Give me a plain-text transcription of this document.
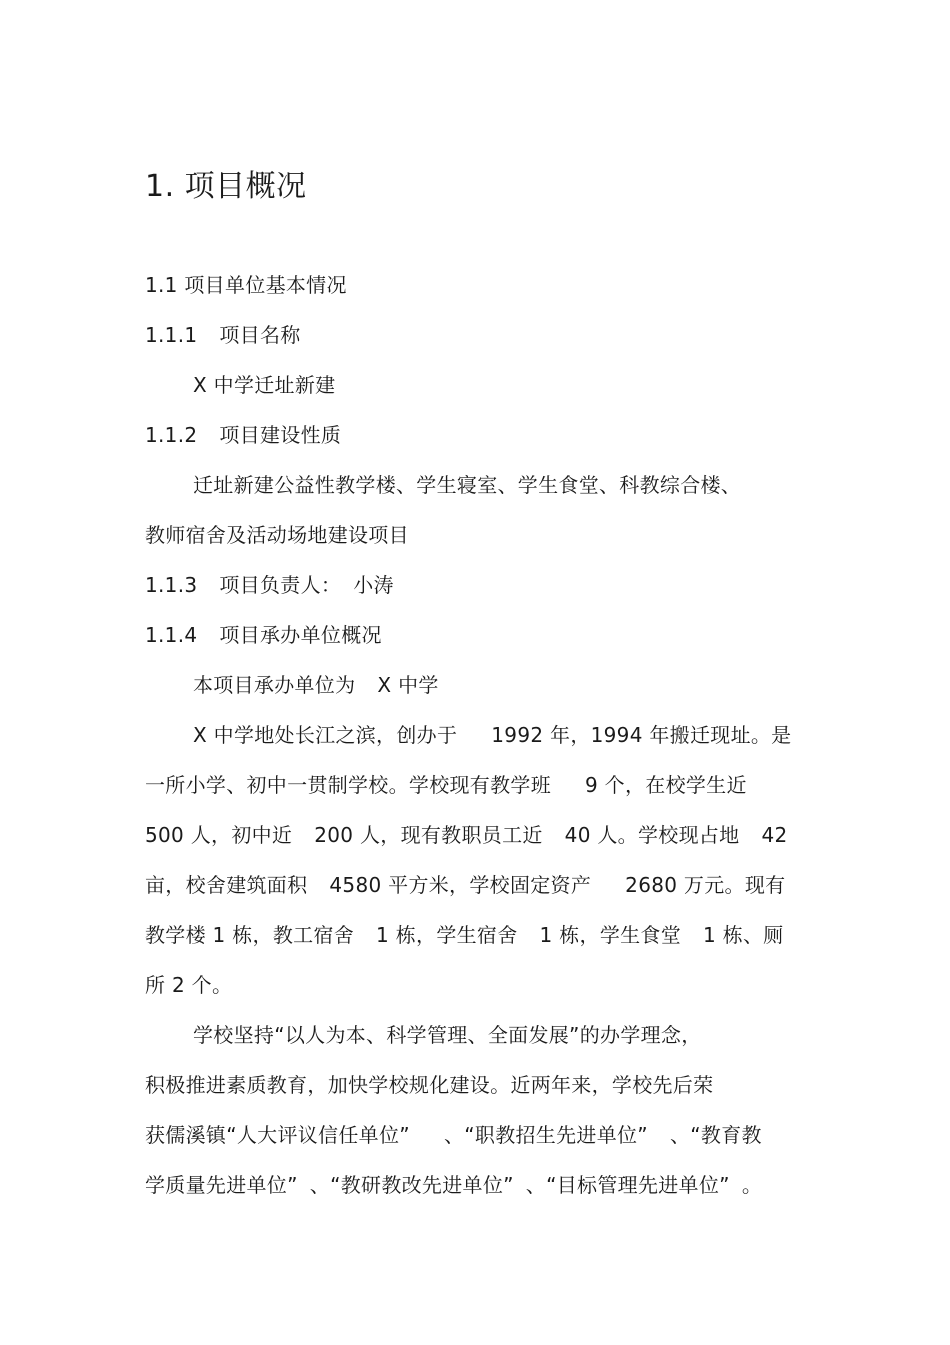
1. 项目概况
1.1 项目单位基本情况
1.1.1 项目名称
X 中学迁址新建
1.1.2 项目建设性质
迁址新建公益性教学楼、学生寝室、学生食堂、科教综合楼、
教师宿舍及活动场地建设项目
1.1.3 项目负责人： 小涛
1.1.4 项目承办单位概况
本项目承办单位为 X 中学
X 中学地处长江之滨，创办于 1992 年，1994 年搬迁现址。是
一所小学、初中一贯制学校。学校现有教学班 9 个，在校学生近
500 人，初中近 200 人，现有教职员工近 40 人。学校现占地 42
亩，校舍建筑面积 4580 平方米，学校固定资产 2680 万元。现有
教学楼 1 栋，教工宿舍 1 栋，学生宿舍 1 栋，学生食堂 1 栋、厕
所 2 个。
学校坚持“以人为本、科学管理、全面发展”的办学理念，
积极推进素质教育，加快学校规化建设。近两年来，学校先后荣
获儒溪镇“人大评议信任单位” 、“职教招生先进单位” 、“教育教
学质量先进单位” 、“教研教改先进单位” 、“目标管理先进单位” 。
